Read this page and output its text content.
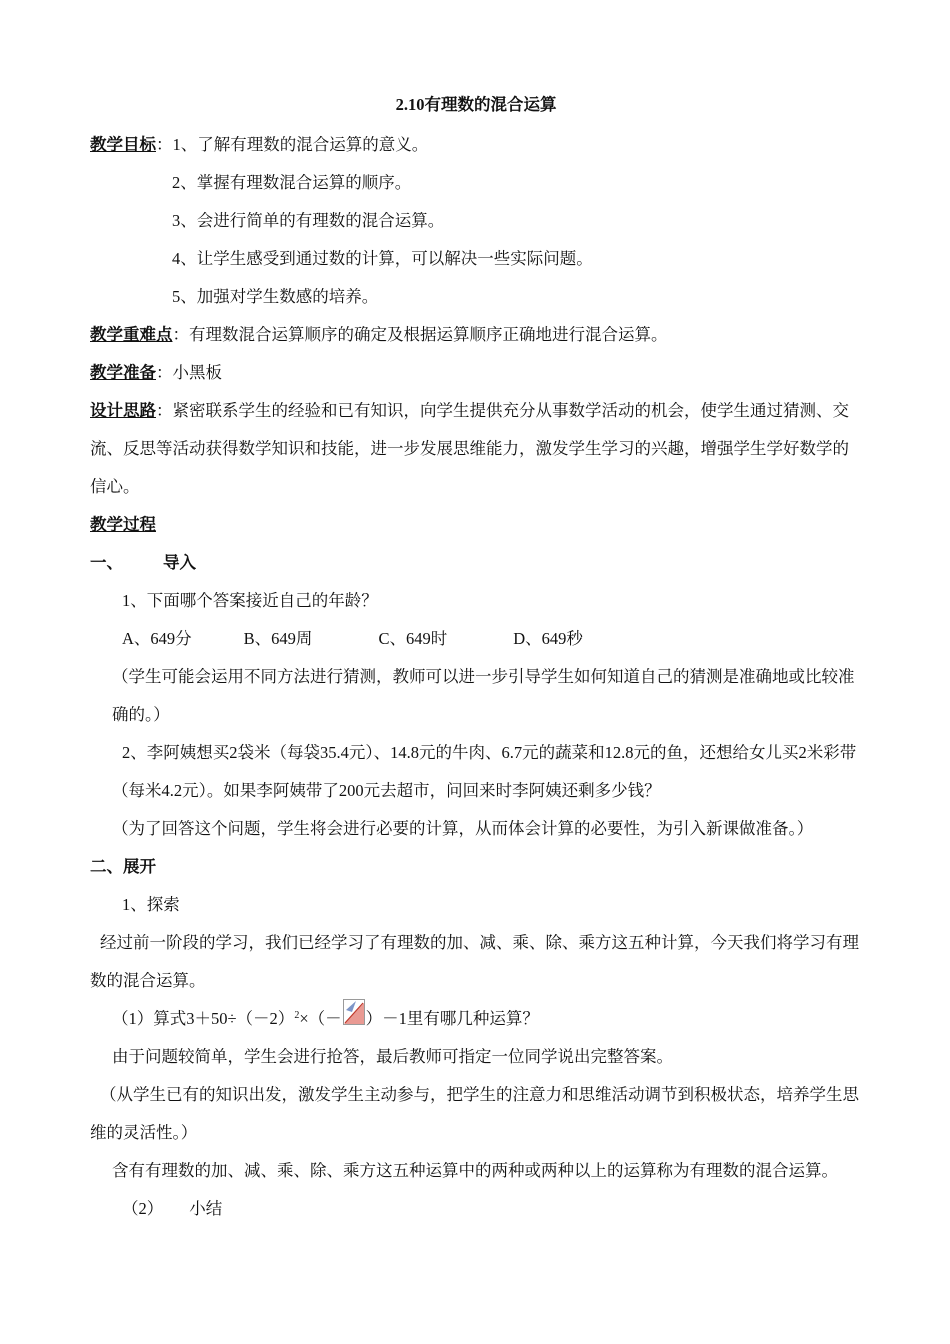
2.10有理数的混合运算
教学目标：1、了解有理数的混合运算的意义。
2、掌握有理数混合运算的顺序。
3、会进行简单的有理数的混合运算。
4、让学生感受到通过数的计算，可以解决一些实际问题。
5、加强对学生数感的培养。
教学重难点：有理数混合运算顺序的确定及根据运算顺序正确地进行混合运算。
教学准备：小黑板
设计思路：紧密联系学生的经验和已有知识，向学生提供充分从事数学活动的机会，使学生通过猜测、交流、反思等活动获得数学知识和技能，进一步发展思维能力，激发学生学习的兴趣，增强学生学好数学的信心。
教学过程
一、 导入
1、下面哪个答案接近自己的年龄？
A、649分	B、649周	C、649时	D、649秒
（学生可能会运用不同方法进行猜测，教师可以进一步引导学生如何知道自己的猜测是准确地或比较准确的。）
2、李阿姨想买2袋米（每袋35.4元）、14.8元的牛肉、6.7元的蔬菜和12.8元的鱼，还想给女儿买2米彩带（每米4.2元）。如果李阿姨带了200元去超市，问回来时李阿姨还剩多少钱？
（为了回答这个问题，学生将会进行必要的计算，从而体会计算的必要性，为引入新课做准备。）
二、展开
1、探索
经过前一阶段的学习，我们已经学习了有理数的加、减、乘、除、乘方这五种计算，今天我们将学习有理数的混合运算。
（1）算式$3+50\div(-2)^2\times(- )-1$里有哪几种运算？
由于问题较简单，学生会进行抢答，最后教师可指定一位同学说出完整答案。
（从学生已有的知识出发，激发学生主动参与，把学生的注意力和思维活动调节到积极状态，培养学生思维的灵活性。）
含有有理数的加、减、乘、除、乘方这五种运算中的两种或两种以上的运算称为有理数的混合运算。
（2） 小结
